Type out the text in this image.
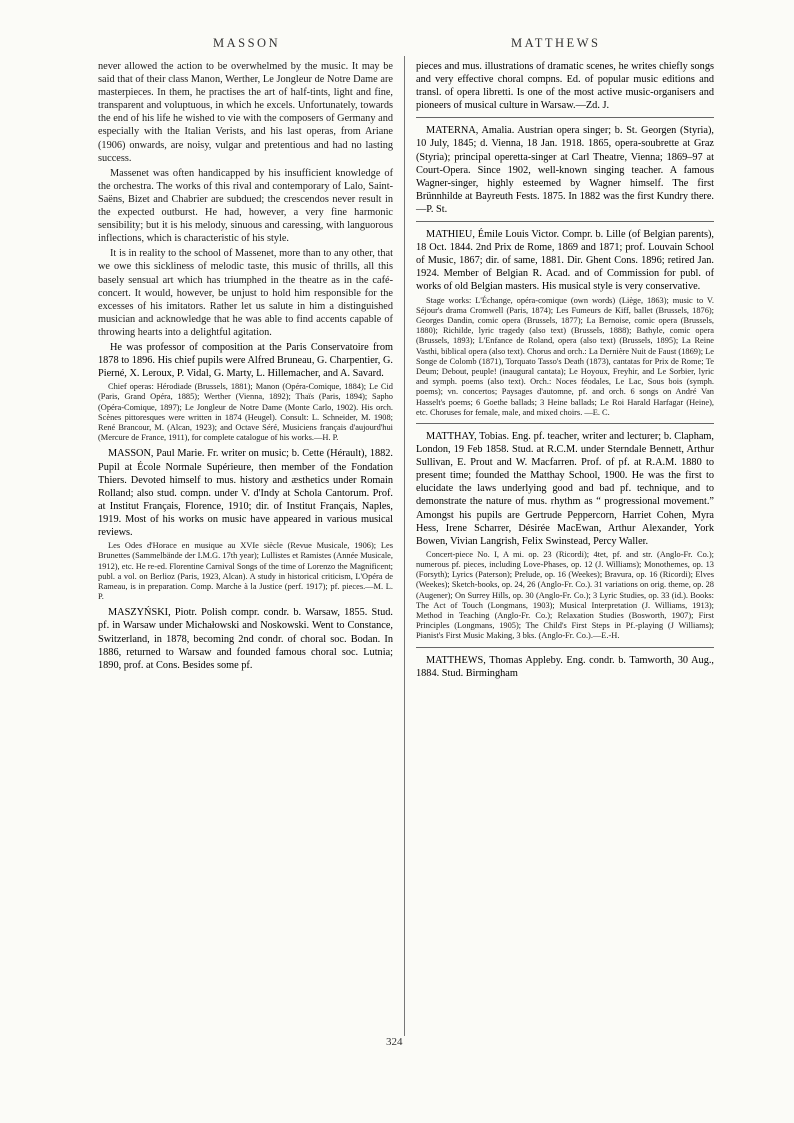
MASSON	MATTHEWS

never allowed the action to be overwhelmed by the music. It may be said that of their class Manon, Werther, Le Jongleur de Notre Dame are masterpieces. In them, he practises the art of half-tints, light and fine, transparent and voluptuous, in which he excels. Unfortunately, towards the end of his life he wished to vie with the composers of Germany and especially with the Italian Verists, and his last operas, from Ariane (1906) onwards, are noisy, vulgar and pretentious and had no lasting success.

Massenet was often handicapped by his insufficient knowledge of the orchestra. The works of this rival and contemporary of Lalo, Saint-Saëns, Bizet and Chabrier are subdued; the crescendos never result in the expected outburst. He had, however, a very fine harmonic sensibility; but it is his melody, sinuous and caressing, with languorous inflections, which is characteristic of his style.

It is in reality to the school of Massenet, more than to any other, that we owe this sickliness of melodic taste, this music of thrills, all this basely sensual art which has triumphed in the theatre as in the café-concert. It would, however, be unjust to hold him responsible for the excesses of his imitators. Rather let us salute in him a distinguished musician and acknowledge that he was able to find accents capable of throwing hearts into a delightful agitation.

He was professor of composition at the Paris Conservatoire from 1878 to 1896. His chief pupils were Alfred Bruneau, G. Charpentier, G. Pierné, X. Leroux, P. Vidal, G. Marty, L. Hillemacher, and A. Savard.

Chief operas: Hérodiade (Brussels, 1881); Manon (Opéra-Comique, 1884); Le Cid (Paris, Grand Opéra, 1885); Werther (Vienna, 1892); Thaïs (Paris, 1894); Sapho (Opéra-Comique, 1897); Le Jongleur de Notre Dame (Monte Carlo, 1902). His orch. Scènes pittoresques were written in 1874 (Heugel). Consult: L. Schneider, M. 1908; René Brancour, M. (Alcan, 1923); and Octave Séré, Musiciens français d'aujourd'hui (Mercure de France, 1911), for complete catalogue of his works.—H. P.

MASSON, Paul Marie. Fr. writer on music; b. Cette (Hérault), 1882. Pupil at École Normale Supérieure, then member of the Fondation Thiers. Devoted himself to mus. history and æsthetics under Romain Rolland; also stud. compn. under V. d'Indy at Schola Cantorum. Prof. at Institut Français, Florence, 1910; dir. of Institut Français, Naples, 1919. Most of his works on music have appeared in various musical reviews.

Les Odes d'Horace en musique au XVIe siècle (Revue Musicale, 1906); Les Brunettes (Sammelbände der I.M.G. 17th year); Lullistes et Ramistes (Année Musicale, 1912), etc. He re-ed. Florentine Carnival Songs of the time of Lorenzo the Magnificent; publ. a vol. on Berlioz (Paris, 1923, Alcan). A study in historical criticism, L'Opéra de Rameau, is in preparation. Comp. Marche à la Justice (perf. 1917); pf. pieces.—M. L. P.

MASZYŃSKI, Piotr. Polish compr. condr. b. Warsaw, 1855. Stud. pf. in Warsaw under Michałowski and Noskowski. Went to Constance, Switzerland, in 1878, becoming 2nd condr. of choral soc. Bodan. In 1886, returned to Warsaw and founded famous choral soc. Lutnia; 1890, prof. at Cons. Besides some pf.

pieces and mus. illustrations of dramatic scenes, he writes chiefly songs and very effective choral compns. Ed. of popular music editions and transl. of opera libretti. Is one of the most active music-organisers and pioneers of musical culture in Warsaw.—Zd. J.

MATERNA, Amalia. Austrian opera singer; b. St. Georgen (Styria), 10 July, 1845; d. Vienna, 18 Jan. 1918. 1865, opera-soubrette at Graz (Styria); principal operetta-singer at Carl Theatre, Vienna; 1869–97 at Court-Opera. Since 1902, well-known singing teacher. A famous Wagner-singer, highly esteemed by Wagner himself. The first Brünnhilde at Bayreuth Fests. 1875. In 1882 was the first Kundry there.—P. St.

MATHIEU, Émile Louis Victor. Compr. b. Lille (of Belgian parents), 18 Oct. 1844. 2nd Prix de Rome, 1869 and 1871; prof. Louvain School of Music, 1867; dir. of same, 1881. Dir. Ghent Cons. 1896; retired Jan. 1924. Member of Belgian R. Acad. and of Commission for publ. of works of old Belgian masters. His musical style is very conservative.

Stage works: L'Échange, opéra-comique (own words) (Liège, 1863); music to V. Séjour's drama Cromwell (Paris, 1874); Les Fumeurs de Kiff, ballet (Brussels, 1876); Georges Dandin, comic opera (Brussels, 1877); La Bernoise, comic opera (Brussels, 1880); Richilde, lyric tragedy (also text) (Brussels, 1888); Bathyle, comic opera (Brussels, 1893); L'Enfance de Roland, opera (also text) (Brussels, 1895); La Reine Vasthi, biblical opera (also text). Chorus and orch.: La Dernière Nuit de Faust (1869); Le Songe de Colomb (1871), Torquato Tasso's Death (1873), cantatas for Prix de Rome; Te Deum; Debout, peuple! (inaugural cantata); Le Hoyoux, Freyhir, and Le Sorbier, lyric and symph. poems (also text). Orch.: Noces féodales, Le Lac, Sous bois (symph. poems); vn. concertos; Paysages d'automne, pf. and orch. 6 songs on André Van Hasselt's poems; 6 Goethe ballads; 3 Heine ballads; Le Roi Harald Harfagar (Heine), etc. Choruses for female, male, and mixed choirs. —E. C.

MATTHAY, Tobias. Eng. pf. teacher, writer and lecturer; b. Clapham, London, 19 Feb 1858. Stud. at R.C.M. under Sterndale Bennett, Arthur Sullivan, E. Prout and W. Macfarren. Prof. of pf. at R.A.M. 1880 to present time; founded the Matthay School, 1900. He was the first to elucidate the laws underlying good and bad pf. technique, and to demonstrate the nature of mus. rhythm as “ progressional movement.” Amongst his pupils are Gertrude Peppercorn, Harriet Cohen, Myra Hess, Irene Scharrer, Désirée MacEwan, Arthur Alexander, York Bowen, Vivian Langrish, Felix Swinstead, Percy Waller.

Concert-piece No. I, A mi. op. 23 (Ricordi); 4tet, pf. and str. (Anglo-Fr. Co.); numerous pf. pieces, including Love-Phases, op. 12 (J. Williams); Monothemes, op. 13 (Forsyth); Lyrics (Paterson); Prelude, op. 16 (Weekes); Bravura, op. 16 (Ricordi); Elves (Weekes); Sketch-books, op. 24, 26 (Anglo-Fr. Co.). 31 variations on orig. theme, op. 28 (Augener); On Surrey Hills, op. 30 (Anglo-Fr. Co.); 3 Lyric Studies, op. 33 (id.). Books: The Act of Touch (Longmans, 1903); Musical Interpretation (J. Williams, 1913); Method in Teaching (Anglo-Fr. Co.); Relaxation Studies (Bosworth, 1907); First Principles (Longmans, 1905); The Child's First Steps in Pf.-playing (J Williams); Pianist's First Music Making, 3 bks. (Anglo-Fr. Co.).—E.-H.

MATTHEWS, Thomas Appleby. Eng. condr. b. Tamworth, 30 Aug., 1884. Stud. Birmingham

324
